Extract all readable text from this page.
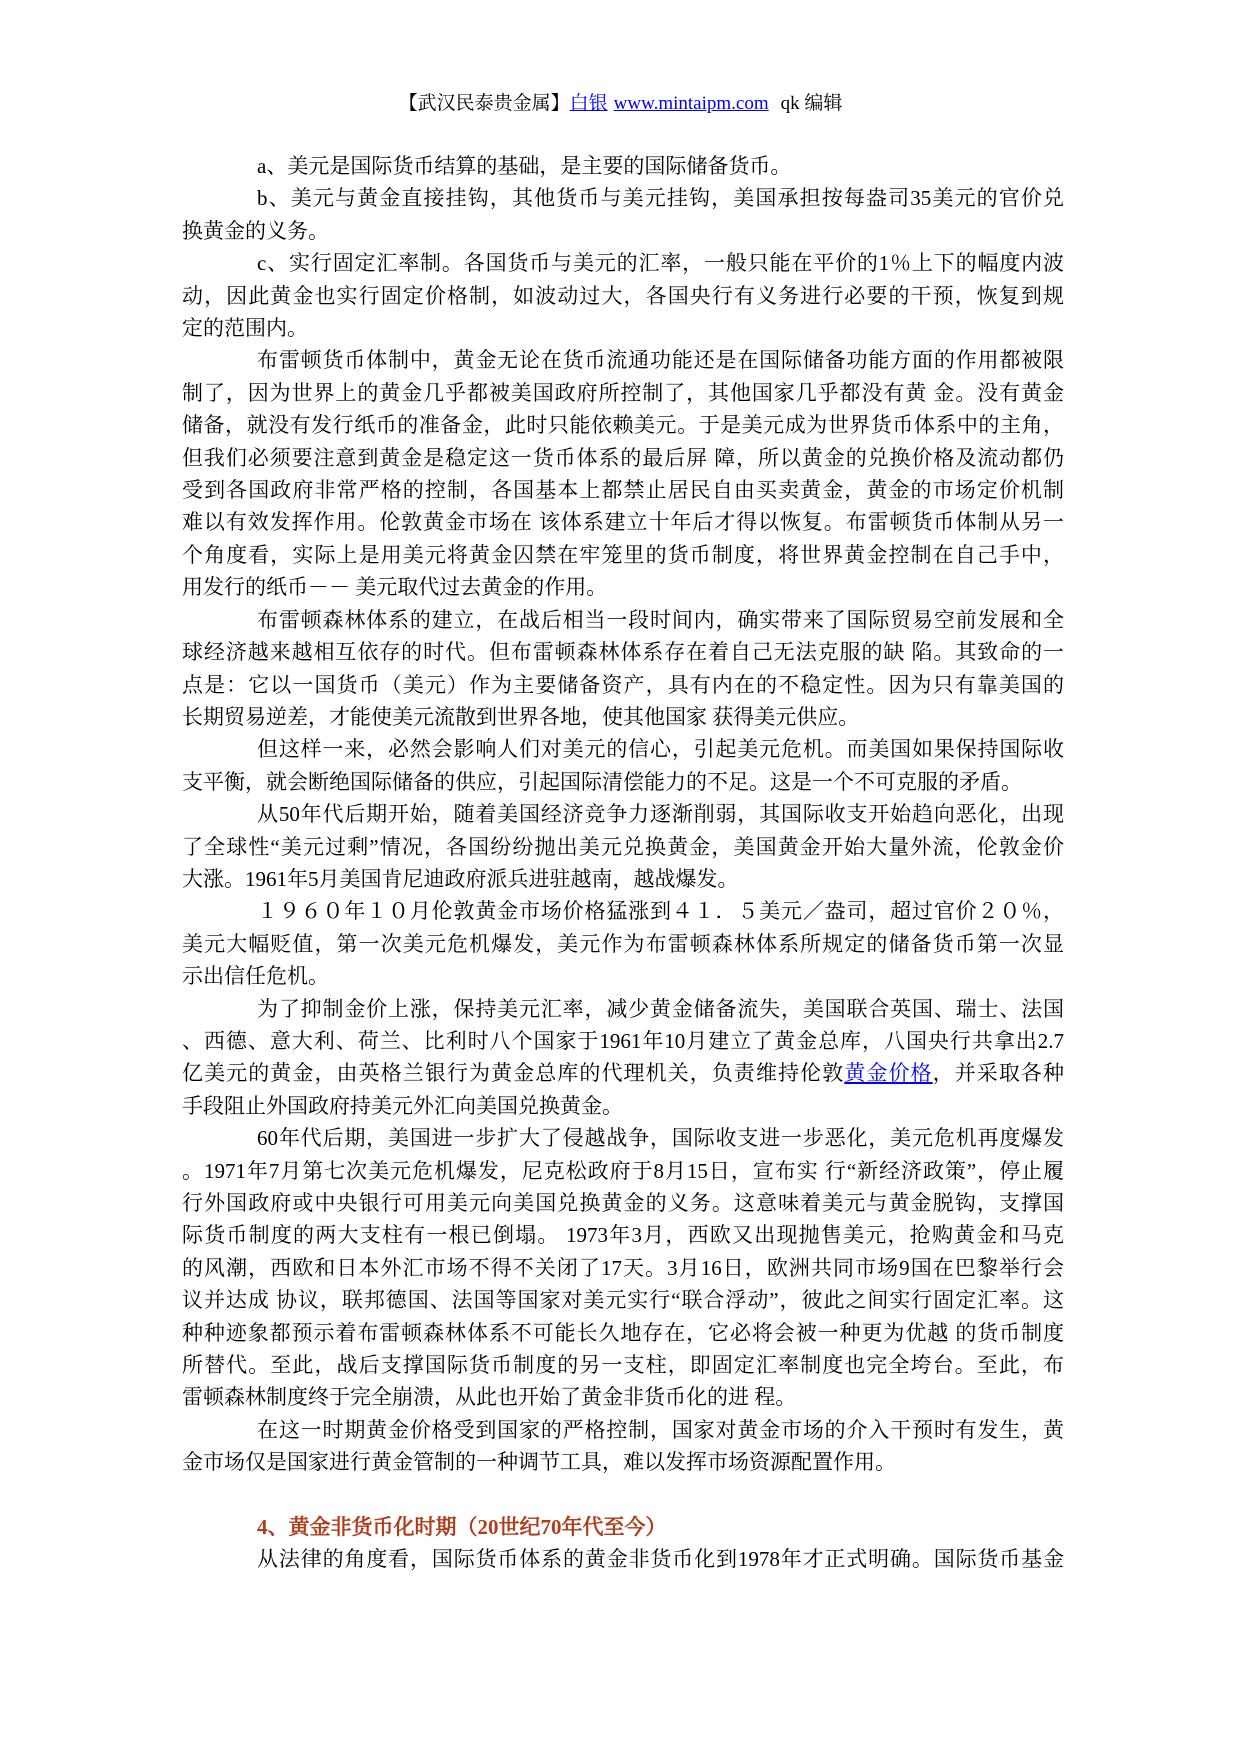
【武汉民泰贵金属】白银 www.mintaipm.com qk 编辑
a、美元是国际货币结算的基础，是主要的国际储备货币。
b、美元与黄金直接挂钩，其他货币与美元挂钩，美国承担按每盎司35美元的官价兑
换黄金的义务。
c、实行固定汇率制。各国货币与美元的汇率，一般只能在平价的1％上下的幅度内波
动，因此黄金也实行固定价格制，如波动过大，各国央行有义务进行必要的干预，恢复到规
定的范围内。
布雷顿货币体制中，黄金无论在货币流通功能还是在国际储备功能方面的作用都被限
制了，因为世界上的黄金几乎都被美国政府所控制了，其他国家几乎都没有黄 金。没有黄金
储备，就没有发行纸币的准备金，此时只能依赖美元。于是美元成为世界货币体系中的主角，
但我们必须要注意到黄金是稳定这一货币体系的最后屏 障，所以黄金的兑换价格及流动都仍
受到各国政府非常严格的控制，各国基本上都禁止居民自由买卖黄金，黄金的市场定价机制
难以有效发挥作用。伦敦黄金市场在 该体系建立十年后才得以恢复。布雷顿货币体制从另一
个角度看，实际上是用美元将黄金囚禁在牢笼里的货币制度，将世界黄金控制在自己手中，
用发行的纸币－－ 美元取代过去黄金的作用。
布雷顿森林体系的建立，在战后相当一段时间内，确实带来了国际贸易空前发展和全
球经济越来越相互依存的时代。但布雷顿森林体系存在着自己无法克服的缺 陷。其致命的一
点是：它以一国货币（美元）作为主要储备资产，具有内在的不稳定性。因为只有靠美国的
长期贸易逆差，才能使美元流散到世界各地，使其他国家 获得美元供应。
但这样一来，必然会影响人们对美元的信心，引起美元危机。而美国如果保持国际收
支平衡，就会断绝国际储备的供应，引起国际清偿能力的不足。这是一个不可克服的矛盾。
从50年代后期开始，随着美国经济竞争力逐渐削弱，其国际收支开始趋向恶化，出现
了全球性“美元过剩”情况，各国纷纷抛出美元兑换黄金，美国黄金开始大量外流，伦敦金价
大涨。1961年5月美国肯尼迪政府派兵进驻越南，越战爆发。
１９６０年１０月伦敦黄金市场价格猛涨到４１．５美元／盎司，超过官价２０％，
美元大幅贬值，第一次美元危机爆发，美元作为布雷顿森林体系所规定的储备货币第一次显
示出信任危机。
为了抑制金价上涨，保持美元汇率，减少黄金储备流失，美国联合英国、瑞士、法国
、西德、意大利、荷兰、比利时八个国家于1961年10月建立了黄金总库，八国央行共拿出2.7
亿美元的黄金，由英格兰银行为黄金总库的代理机关，负责维持伦敦黄金价格，并采取各种
手段阻止外国政府持美元外汇向美国兑换黄金。
60年代后期，美国进一步扩大了侵越战争，国际收支进一步恶化，美元危机再度爆发
。1971年7月第七次美元危机爆发，尼克松政府于8月15日，宣布实 行“新经济政策”，停止履
行外国政府或中央银行可用美元向美国兑换黄金的义务。这意味着美元与黄金脱钩，支撑国
际货币制度的两大支柱有一根已倒塌。 1973年3月，西欧又出现抛售美元，抢购黄金和马克
的风潮，西欧和日本外汇市场不得不关闭了17天。3月16日，欧洲共同市场9国在巴黎举行会
议并达成 协议，联邦德国、法国等国家对美元实行“联合浮动”，彼此之间实行固定汇率。这
种种迹象都预示着布雷顿森林体系不可能长久地存在，它必将会被一种更为优越 的货币制度
所替代。至此，战后支撑国际货币制度的另一支柱，即固定汇率制度也完全垮台。至此，布
雷顿森林制度终于完全崩溃，从此也开始了黄金非货币化的进 程。
在这一时期黄金价格受到国家的严格控制，国家对黄金市场的介入干预时有发生，黄
金市场仅是国家进行黄金管制的一种调节工具，难以发挥市场资源配置作用。
4、黄金非货币化时期（20世纪70年代至今）
从法律的角度看，国际货币体系的黄金非货币化到1978年才正式明确。国际货币基金
